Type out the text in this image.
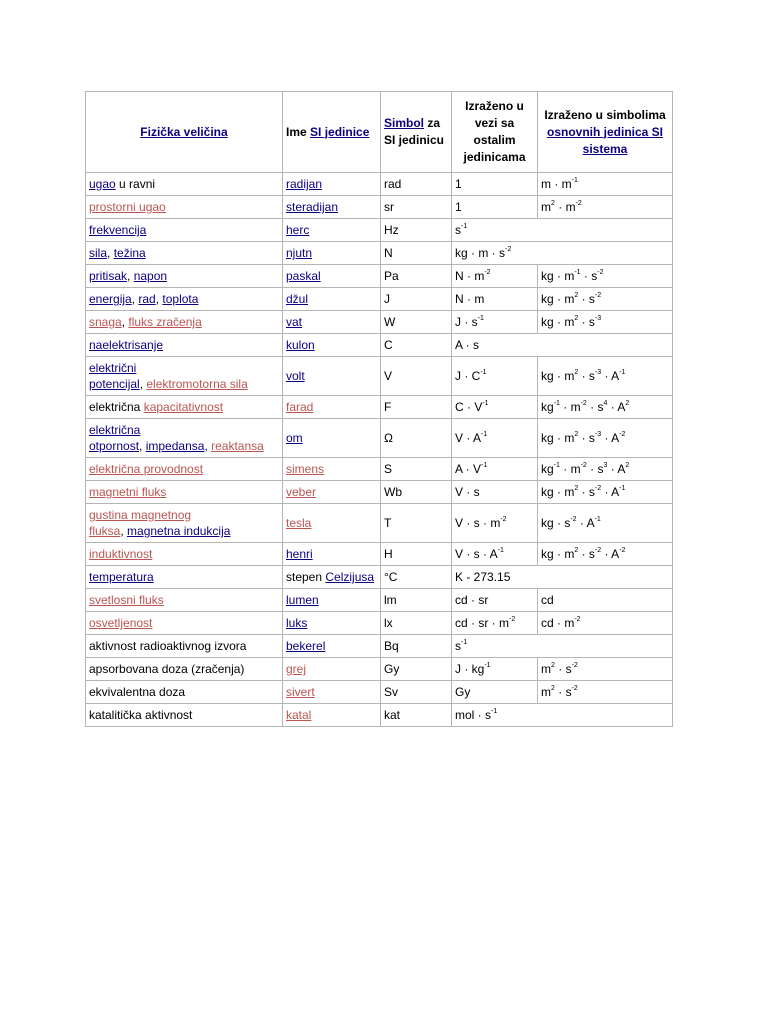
Fizička veličina	Ime SI jedinice	Simbol za SI jedinicu	Izraženo u vezi sa ostalim jedinicama	Izraženo u simbolima osnovnih jedinica SI sistema
ugao u ravni	radijan	rad	1	$m \cdot m^{-1}$
prostorni ugao	steradijan	sr	1	$m^2 \cdot m^{-2}$
frekvencija	herc	Hz	$s^{-1}$
sila, težina	njutn	N	kg · $m \cdot s^{-2}$
pritisak, napon	paskal	Pa	$N \cdot m^{-2}$	kg · $m^{-1} \cdot s^{-2}$
energija, rad, toplota	džul	J	N · m	kg · $m^2 \cdot s^{-2}$
snaga, fluks zračenja	vat	W	$J \cdot s^{-1}$	kg · $m^2 \cdot s^{-3}$
naelektrisanje	kulon	C	A · s	
električni
potencijal, elektromotorna sila	volt	V	$J \cdot C^{-1}$	kg · $m^2 \cdot s^{-3} \cdot A^{-1}$
električna kapacitativnost	farad	F	$C \cdot V^{-1}$	$kg^{-1} \cdot m^{-2} \cdot s^4 \cdot A^2$
električna
otpornost, impedansa, reaktansa	om	Ω	$V \cdot A^{-1}$	kg · $m^2 \cdot s^{-3} \cdot A^{-2}$
električna provodnost	simens	S	$A \cdot V^{-1}$	$kg^{-1} \cdot m^{-2} \cdot s^3 \cdot A^2$
magnetni fluks	veber	Wb	V · s	kg · $m^2 \cdot s^{-2} \cdot A^{-1}$
gustina magnetnog
fluksa, magnetna indukcija	tesla	T	$V \cdot s \cdot m^{-2}$	kg · $s^{-2} \cdot A^{-1}$
induktivnost	henri	H	$V \cdot s \cdot A^{-1}$	kg · $m^2 \cdot s^{-2} \cdot A^{-2}$
temperatura	stepen Celzijusa	°C	K - 273.15	
svetlosni fluks	lumen	lm	cd · sr	cd
osvetljenost	luks	lx	cd · sr · $m^{-2}$	cd · $m^{-2}$
aktivnost radioaktivnog izvora	bekerel	Bq	$s^{-1}$
apsorbovana doza (zračenja)	grej	Gy	$J \cdot kg^{-1}$	$m^2 \cdot s^{-2}$
ekvivalentna doza	sivert	Sv	Gy	$m^2 \cdot s^{-2}$
katalitička aktivnost	katal	kat	mol · $s^{-1}$
